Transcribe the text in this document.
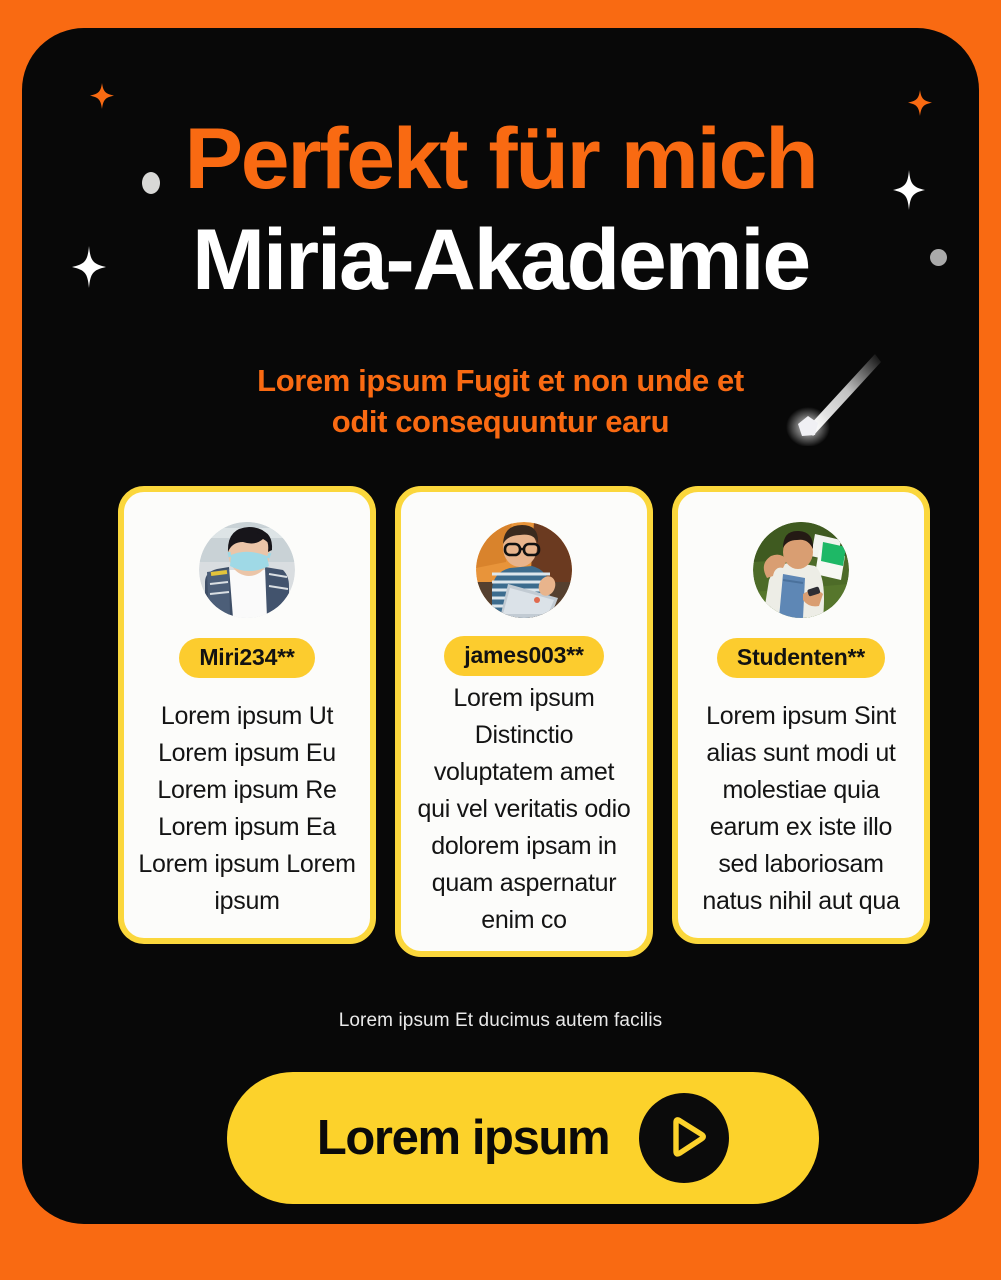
Perfekt für mich
Miria-Akademie
Lorem ipsum Fugit et non unde et
odit consequuntur earu
Miri234**
Lorem ipsum Ut Lorem ipsum Eu Lorem ipsum Re Lorem ipsum Ea Lorem ipsum Lorem ipsum
james003**
Lorem ipsum Distinctio voluptatem amet qui vel veritatis odio dolorem ipsam in quam aspernatur enim co
Studenten**
Lorem ipsum Sint alias sunt modi ut molestiae quia earum ex iste illo sed laboriosam natus nihil aut qua
Lorem ipsum Et ducimus autem facilis
Lorem ipsum
